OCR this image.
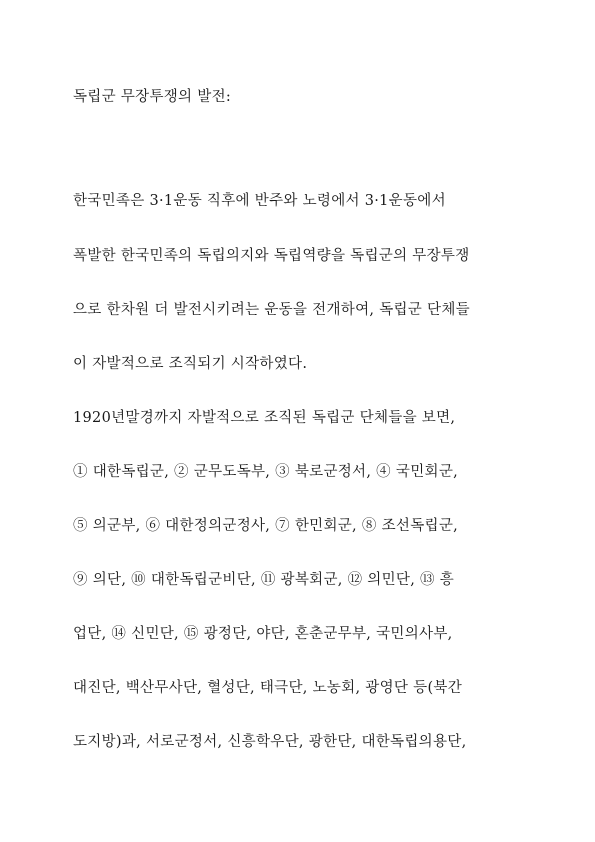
독립군 무장투쟁의 발전:
한국민족은 3·1운동 직후에 반주와 노령에서 3·1운동에서
폭발한 한국민족의 독립의지와 독립역량을 독립군의 무장투쟁
으로 한차원 더 발전시키려는 운동을 전개하여, 독립군 단체들
이 자발적으로 조직되기 시작하였다.
1920년말경까지 자발적으로 조직된 독립군 단체들을 보면,
① 대한독립군, ② 군무도독부, ③ 북로군정서, ④ 국민회군,
⑤ 의군부, ⑥ 대한정의군정사, ⑦ 한민회군, ⑧ 조선독립군,
⑨ 의단, ⑩ 대한독립군비단, ⑪ 광복회군, ⑫ 의민단, ⑬ 흥
업단, ⑭ 신민단, ⑮ 광정단, 야단, 혼춘군무부, 국민의사부,
대진단, 백산무사단, 혈성단, 태극단, 노농회, 광영단 등(북간
도지방)과, 서로군정서, 신흥학우단, 광한단, 대한독립의용단,
